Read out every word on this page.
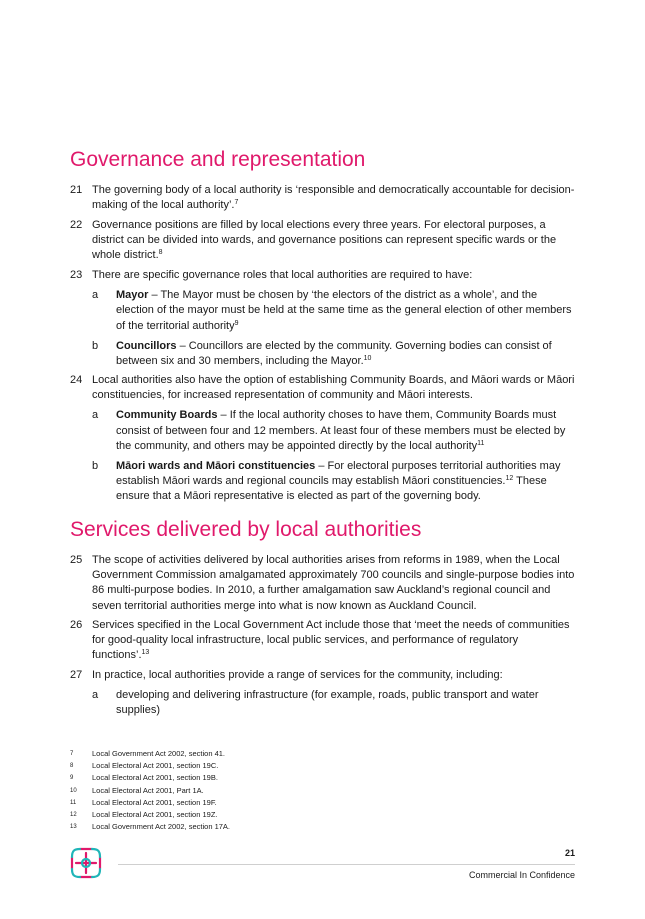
Governance and representation
21 The governing body of a local authority is ‘responsible and democratically accountable for decision-making of the local authority’.$^7$
22 Governance positions are filled by local elections every three years. For electoral purposes, a district can be divided into wards, and governance positions can represent specific wards or the whole district.$^8$
23 There are specific governance roles that local authorities are required to have:
a Mayor – The Mayor must be chosen by ‘the electors of the district as a whole’, and the election of the mayor must be held at the same time as the general election of other members of the territorial authority$^9$
b Councillors – Councillors are elected by the community. Governing bodies can consist of between six and 30 members, including the Mayor.$^{10}$
24 Local authorities also have the option of establishing Community Boards, and Māori wards or Māori constituencies, for increased representation of community and Māori interests.
a Community Boards – If the local authority choses to have them, Community Boards must consist of between four and 12 members. At least four of these members must be elected by the community, and others may be appointed directly by the local authority$^{11}$
b Māori wards and Māori constituencies – For electoral purposes territorial authorities may establish Māori wards and regional councils may establish Māori constituencies.$^{12}$ These ensure that a Māori representative is elected as part of the governing body.
Services delivered by local authorities
25 The scope of activities delivered by local authorities arises from reforms in 1989, when the Local Government Commission amalgamated approximately 700 councils and single-purpose bodies into 86 multi-purpose bodies. In 2010, a further amalgamation saw Auckland’s regional council and seven territorial authorities merge into what is now known as Auckland Council.
26 Services specified in the Local Government Act include those that ‘meet the needs of communities for good-quality local infrastructure, local public services, and performance of regulatory functions’.$^{13}$
27 In practice, local authorities provide a range of services for the community, including:
a developing and delivering infrastructure (for example, roads, public transport and water supplies)
7 Local Government Act 2002, section 41.
8 Local Electoral Act 2001, section 19C.
9 Local Electoral Act 2001, section 19B.
10 Local Electoral Act 2001, Part 1A.
11 Local Electoral Act 2001, section 19F.
12 Local Electoral Act 2001, section 19Z.
13 Local Government Act 2002, section 17A.
21
Commercial In Confidence
